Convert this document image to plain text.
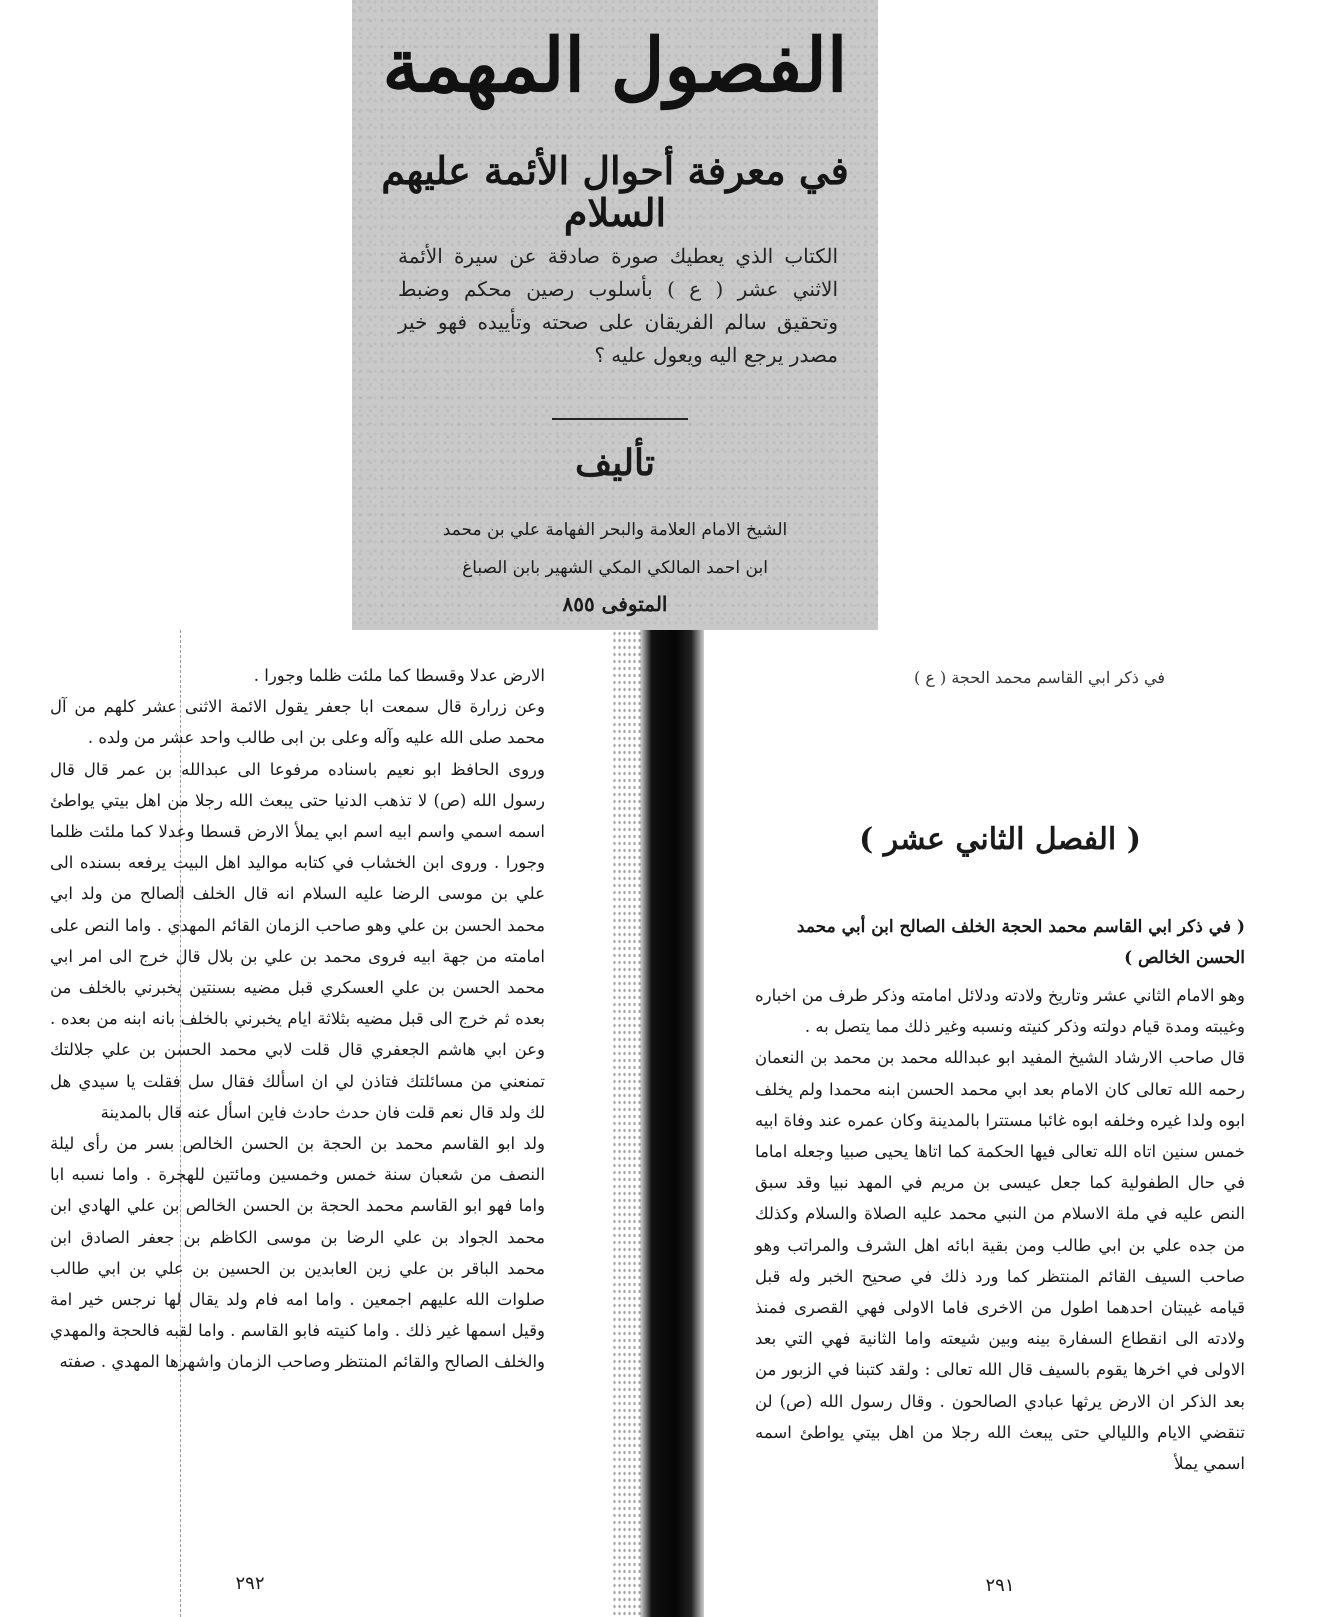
الفصول المهمة
في معرفة أحوال الأئمة عليهم السلام
الكتاب الذي يعطيك صورة صادقة عن سيرة الأئمة الاثني عشر ( ع ) بأسلوب رصين محكم وضبط وتحقيق سالم الفريقان على صحته وتأييده فهو خير مصدر يرجع اليه ويعول عليه ؟
تأليف
الشيخ الامام العلامة والبحر الفهامة علي بن محمد
ابن احمد المالكي المكي الشهير بابن الصباغ
المتوفى ٨٥٥

الارض عدلا وقسطا كما ملئت ظلما وجورا .

وعن زرارة قال سمعت ابا جعفر يقول الائمة الاثنى عشر كلهم من آل محمد صلى الله عليه وآله وعلى بن ابى طالب واحد عشر من ولده .

وروى الحافظ ابو نعيم باسناده مرفوعا الى عبدالله بن عمر قال قال رسول الله (ص) لا تذهب الدنيا حتى يبعث الله رجلا من اهل بيتي يواطئ اسمه اسمي واسم ابيه اسم ابي يملأ الارض قسطا وعدلا كما ملئت ظلما وجورا . وروى ابن الخشاب في كتابه مواليد اهل البيت يرفعه بسنده الى علي بن موسى الرضا عليه السلام انه قال الخلف الصالح من ولد ابي محمد الحسن بن علي وهو صاحب الزمان القائم المهدي . واما النص على امامته من جهة ابيه فروى محمد بن علي بن بلال قال خرج الى امر ابي محمد الحسن بن علي العسكري قبل مضيه بسنتين يخبرني بالخلف من بعده ثم خرج الى قبل مضيه بثلاثة ايام يخبرني بالخلف بانه ابنه من بعده . وعن ابي هاشم الجعفري قال قلت لابي محمد الحسن بن علي جلالتك تمنعني من مسائلتك فتاذن لي ان اسألك فقال سل فقلت يا سيدي هل لك ولد قال نعم قلت فان حدث حادث فاين اسأل عنه قال بالمدينة

ولد ابو القاسم محمد بن الحجة بن الحسن الخالص بسر من رأى ليلة النصف من شعبان سنة خمس وخمسين ومائتين للهجرة . واما نسبه ابا واما فهو ابو القاسم محمد الحجة بن الحسن الخالص بن علي الهادي ابن محمد الجواد بن علي الرضا بن موسى الكاظم بن جعفر الصادق ابن محمد الباقر بن علي زين العابدين بن الحسين بن علي بن ابي طالب صلوات الله عليهم اجمعين . واما امه فام ولد يقال لها نرجس خير امة وقيل اسمها غير ذلك . واما كنيته فابو القاسم . واما لقبه فالحجة والمهدي والخلف الصالح والقائم المنتظر وصاحب الزمان واشهرها المهدي . صفته

٢٩٢
في ذكر ابي القاسم محمد الحجة ( ع )
( الفصل الثاني عشر )

( في ذكر ابي القاسم محمد الحجة الخلف الصالح ابن أبي محمد الحسن الخالص )

وهو الامام الثاني عشر وتاريخ ولادته ودلائل امامته وذكر طرف من اخباره وغيبته ومدة قيام دولته وذكر كنيته ونسبه وغير ذلك مما يتصل به .

قال صاحب الارشاد الشيخ المفيد ابو عبدالله محمد بن محمد بن النعمان رحمه الله تعالى كان الامام بعد ابي محمد الحسن ابنه محمدا ولم يخلف ابوه ولدا غيره وخلفه ابوه غائبا مستترا بالمدينة وكان عمره عند وفاة ابيه خمس سنين اتاه الله تعالى فيها الحكمة كما اتاها يحيى صبيا وجعله اماما في حال الطفولية كما جعل عيسى بن مريم في المهد نبيا وقد سبق النص عليه في ملة الاسلام من النبي محمد عليه الصلاة والسلام وكذلك من جده علي بن ابي طالب ومن بقية ابائه اهل الشرف والمراتب وهو صاحب السيف القائم المنتظر كما ورد ذلك في صحيح الخبر وله قبل قيامه غيبتان احدهما اطول من الاخرى فاما الاولى فهي القصرى فمنذ ولادته الى انقطاع السفارة بينه وبين شيعته واما الثانية فهي التي بعد الاولى في اخرها يقوم بالسيف قال الله تعالى : ولقد كتبنا في الزبور من بعد الذكر ان الارض يرثها عبادي الصالحون . وقال رسول الله (ص) لن تنقضي الايام والليالي حتى يبعث الله رجلا من اهل بيتي يواطئ اسمه اسمي يملأ

٢٩١
